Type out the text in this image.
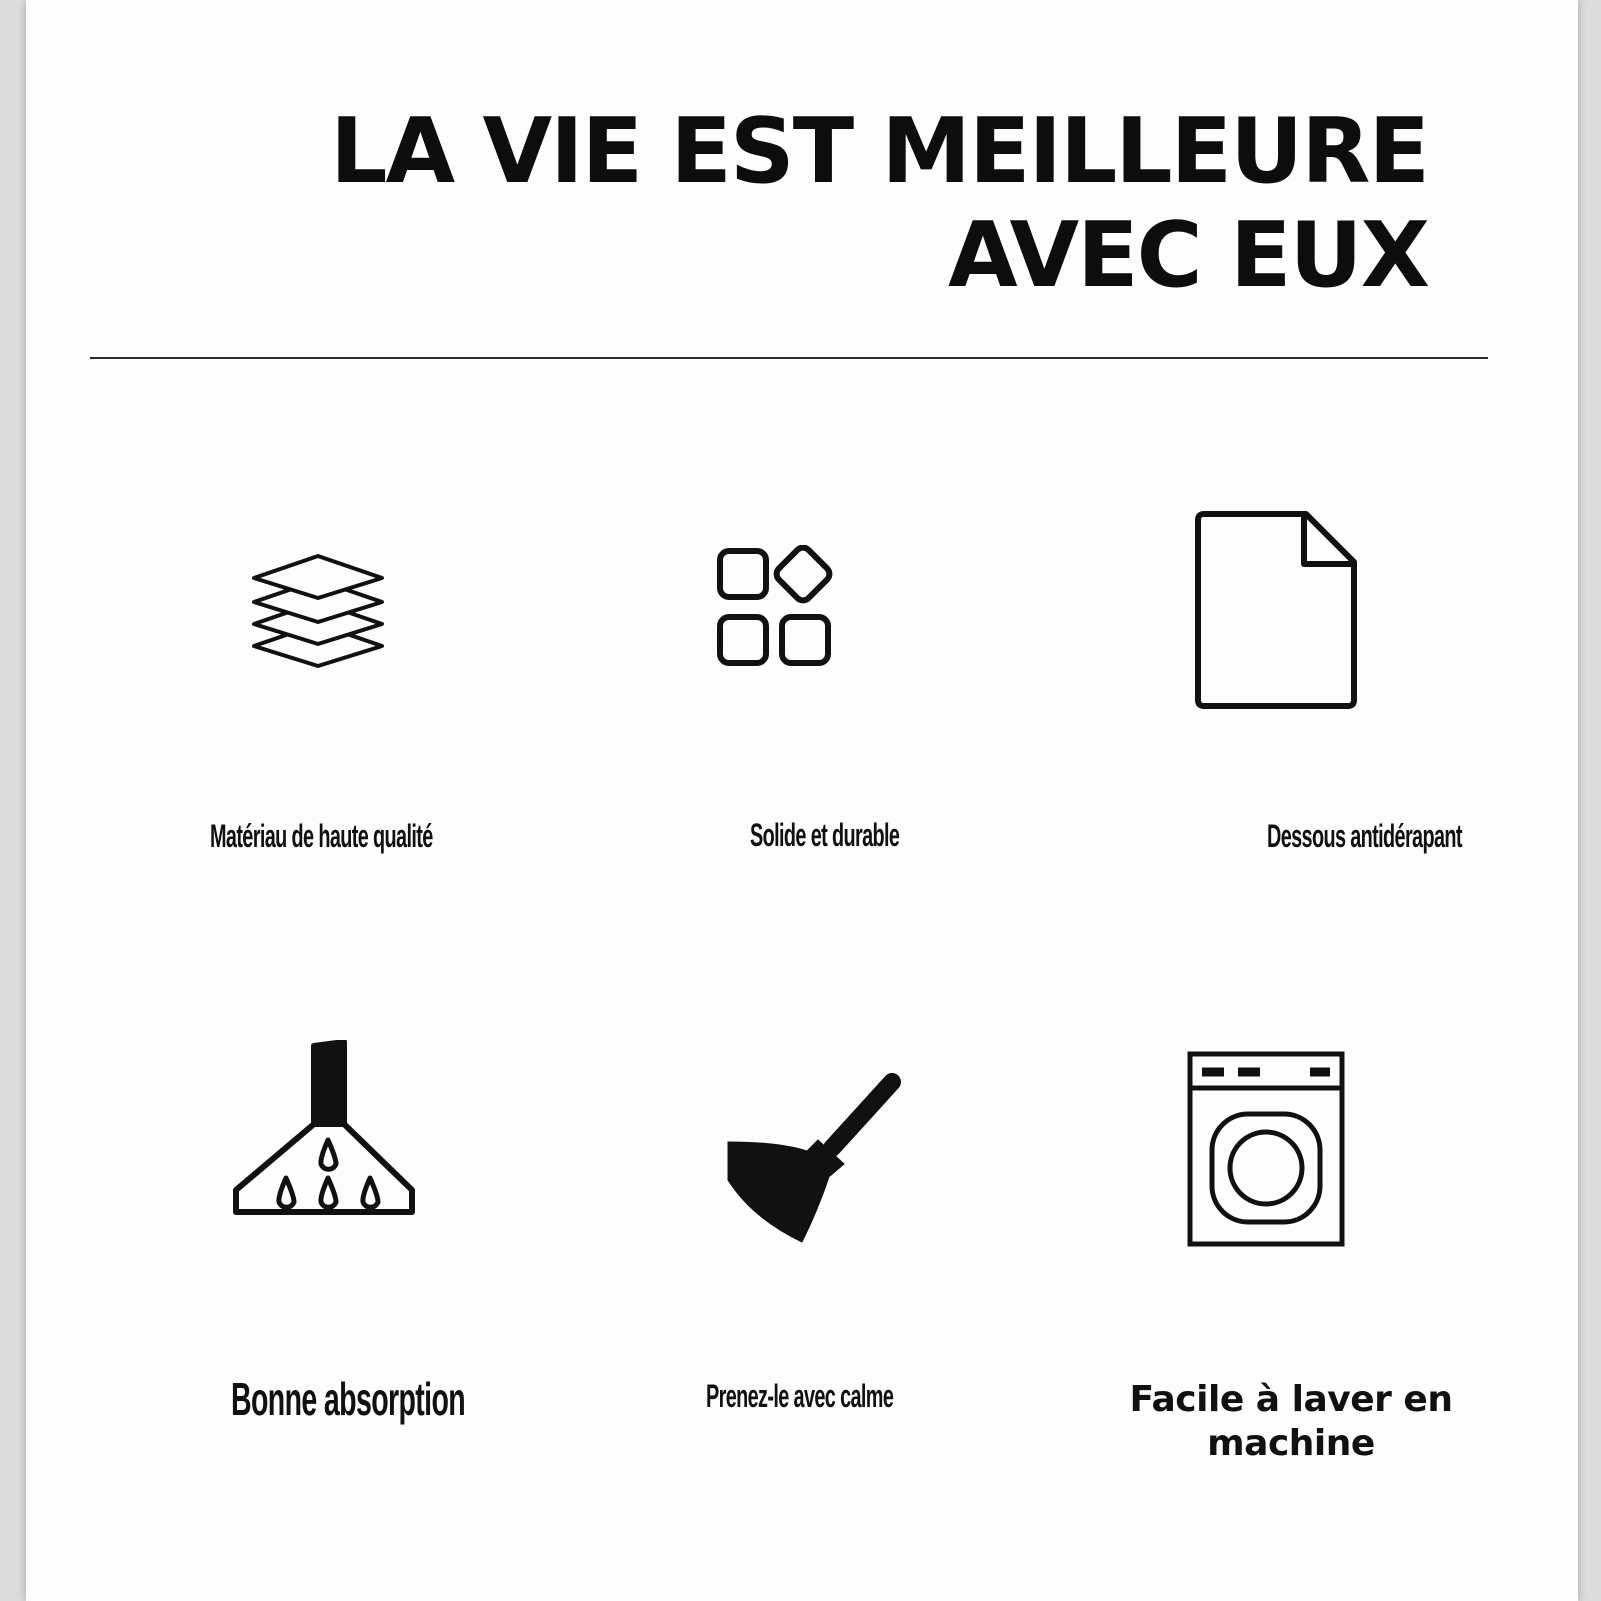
LA VIE EST MEILLEURE AVEC EUX
Matériau de haute qualité	Solide et durable	Dessous antidérapant
Bonne absorption	Prenez-le avec calme	Facile à laver en machine
